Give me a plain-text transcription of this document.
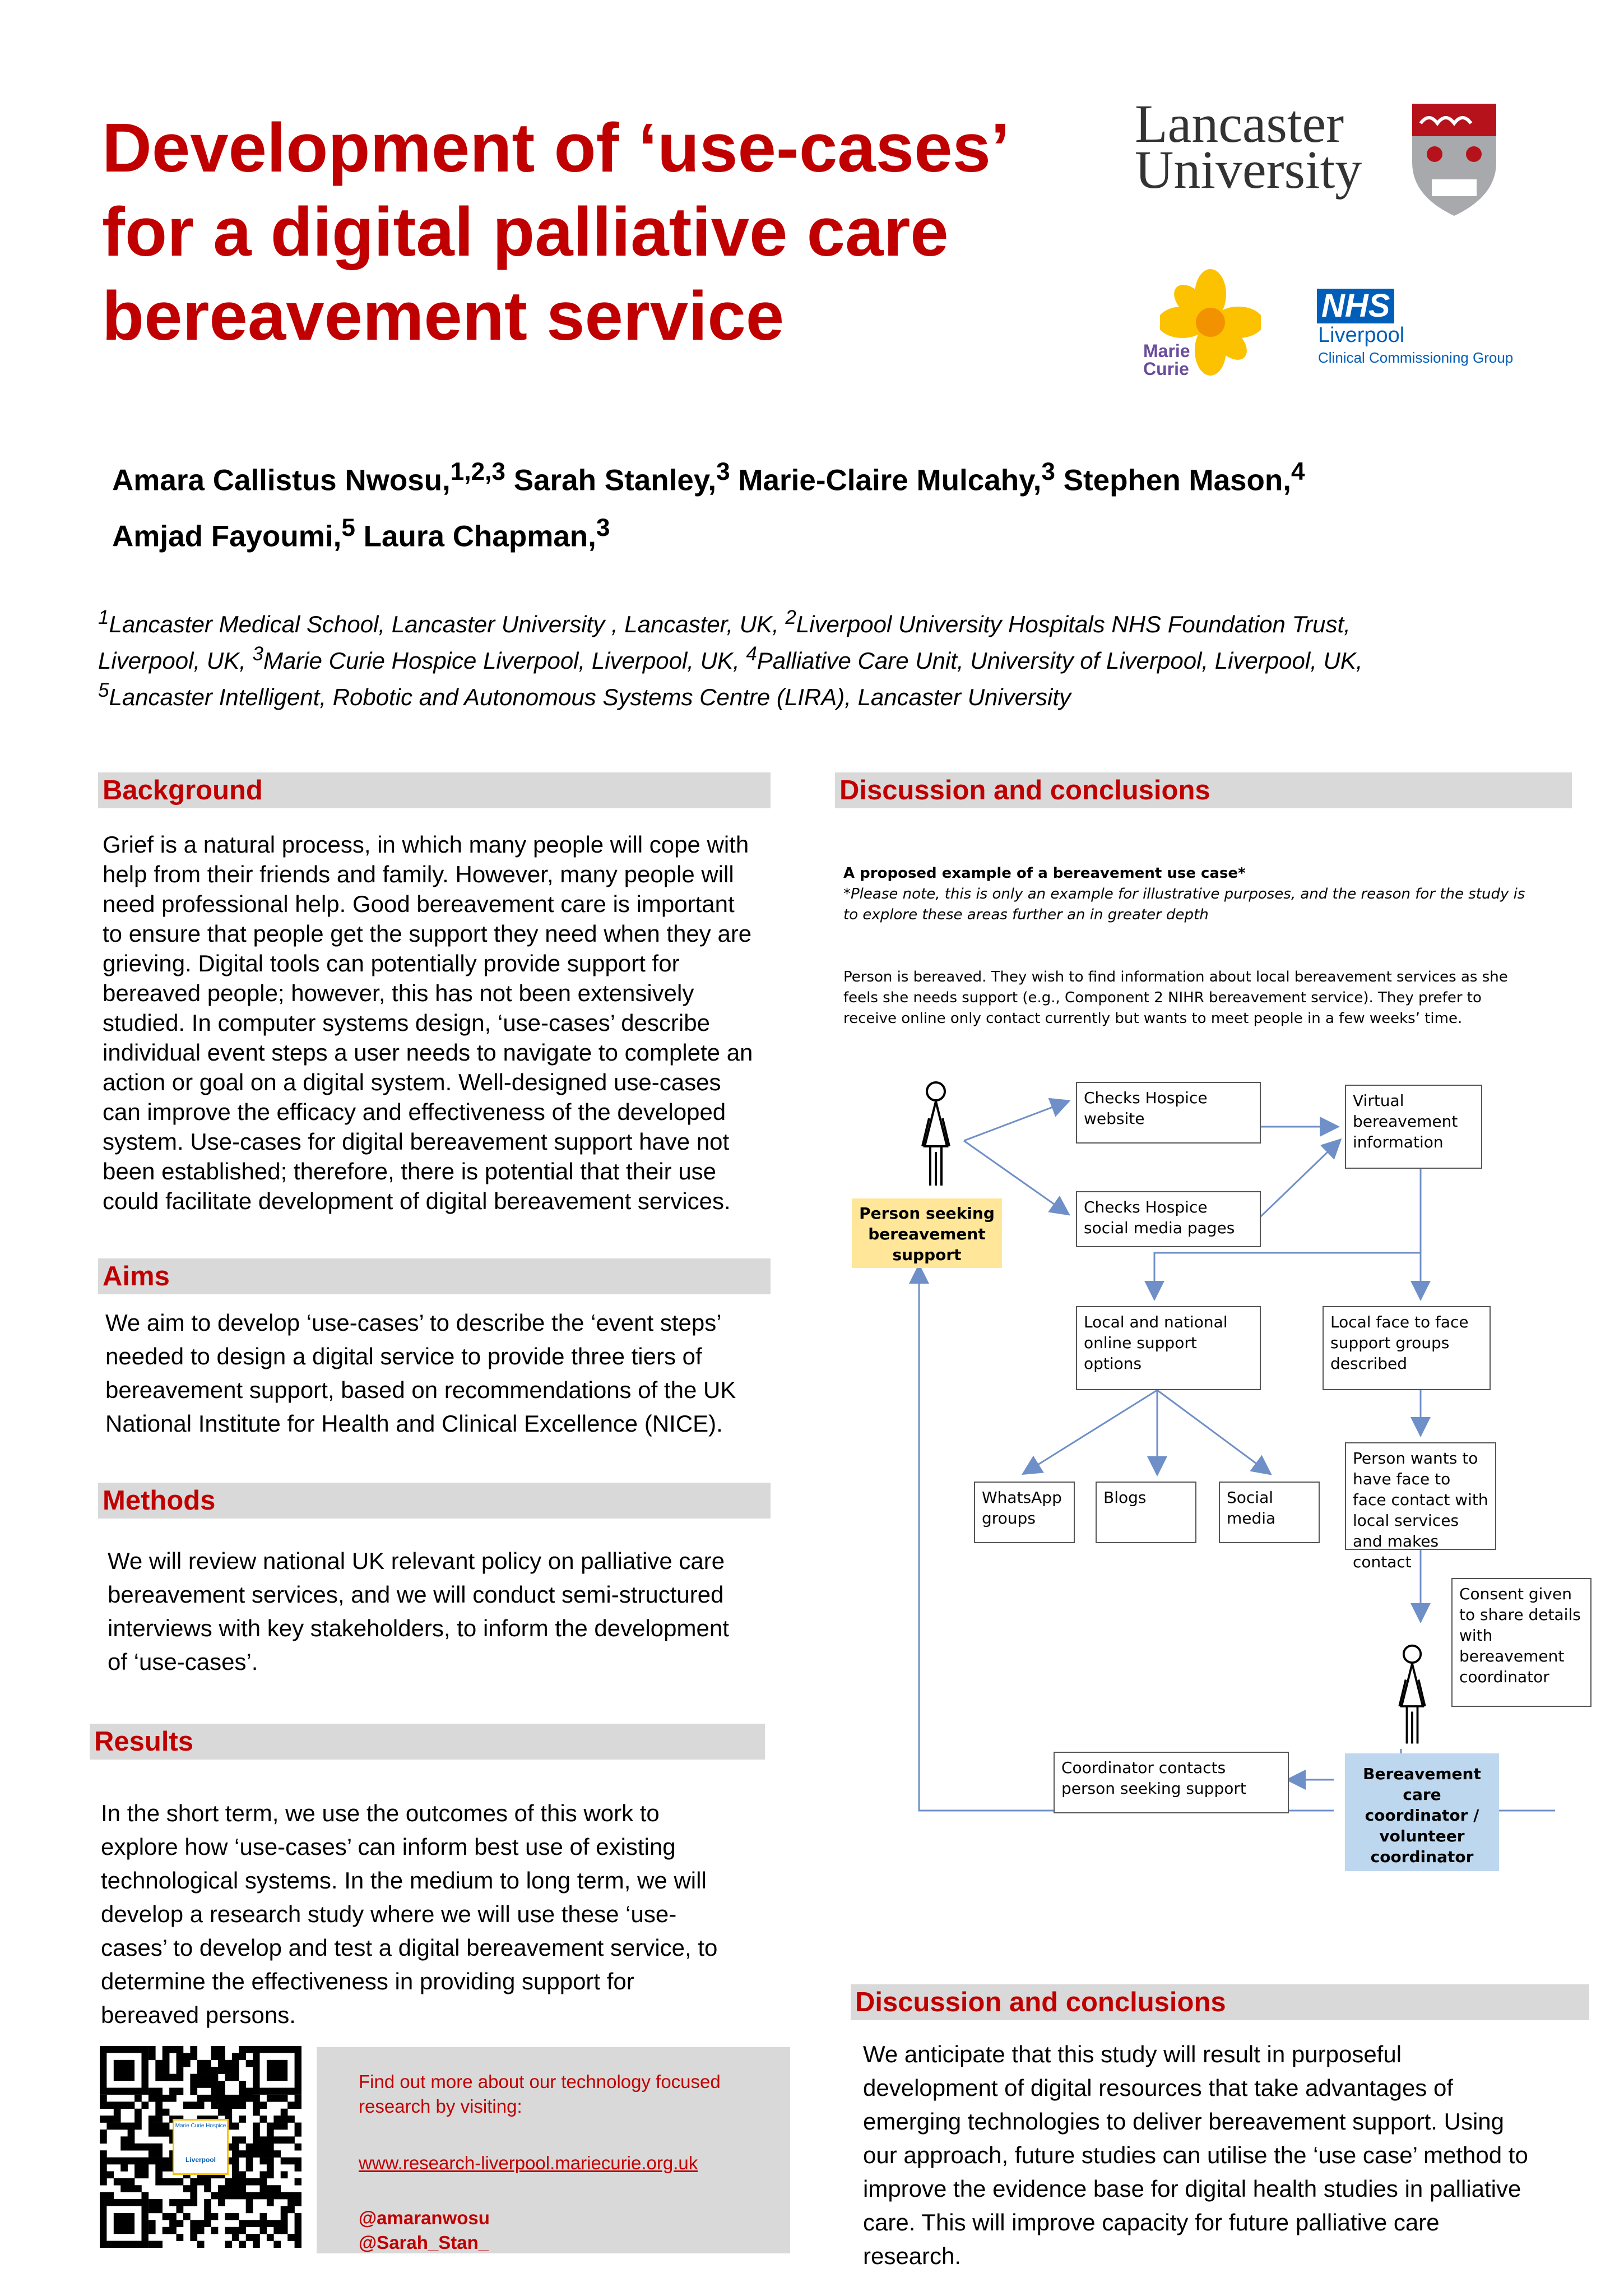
Development of ‘use-cases’
for a digital palliative care
bereavement service
Lancaster
University
Marie
Curie
NHS
Liverpool
Clinical Commissioning Group
Amara Callistus Nwosu,$^{1,2,3}$ Sarah Stanley,$^3$ Marie-Claire Mulcahy,$^3$ Stephen Mason,$^4$
Amjad Fayoumi,$^5$ Laura Chapman,$^3$
$^1$Lancaster Medical School, Lancaster University , Lancaster, UK, $^2$Liverpool University Hospitals NHS Foundation Trust,
Liverpool, UK, $^3$Marie Curie Hospice Liverpool, Liverpool, UK, $^4$Palliative Care Unit, University of Liverpool, Liverpool, UK,
$^5$Lancaster Intelligent, Robotic and Autonomous Systems Centre (LIRA), Lancaster University
Background
Grief is a natural process, in which many people will cope with
help from their friends and family. However, many people will
need professional help. Good bereavement care is important
to ensure that people get the support they need when they are
grieving. Digital tools can potentially provide support for
bereaved people; however, this has not been extensively
studied. In computer systems design, ‘use-cases’ describe
individual event steps a user needs to navigate to complete an
action or goal on a digital system. Well-designed use-cases
can improve the efficacy and effectiveness of the developed
system. Use-cases for digital bereavement support have not
been established; therefore, there is potential that their use
could facilitate development of digital bereavement services.
Aims
We aim to develop ‘use-cases’ to describe the ‘event steps’
needed to design a digital service to provide three tiers of
bereavement support, based on recommendations of the UK
National Institute for Health and Clinical Excellence (NICE).
Methods
We will review national UK relevant policy on palliative care
bereavement services, and we will conduct semi-structured
interviews with key stakeholders, to inform the development
of ‘use-cases’.
Results
In the short term, we use the outcomes of this work to
explore how ‘use-cases’ can inform best use of existing
technological systems. In the medium to long term, we will
develop a research study where we will use these ‘use-
cases’ to develop and test a digital bereavement service, to
determine the effectiveness in providing support for
bereaved persons.
Marie Curie Hospice
Liverpool
Find out more about our technology focused
research by visiting:
www.research-liverpool.mariecurie.org.uk
@amaranwosu
@Sarah_Stan_
Discussion and conclusions
A proposed example of a bereavement use case*
*Please note, this is only an example for illustrative purposes, and the reason for the study is
to explore these areas further an in greater depth
Person is bereaved. They wish to find information about local bereavement services as she
feels she needs support (e.g., Component 2 NIHR bereavement service). They prefer to
receive online only contact currently but wants to meet people in a few weeks’ time.
Person seeking bereavement support
Checks Hospice website
Checks Hospice social media pages
Virtual bereavement information
Local and national online support options
Local face to face support groups described
WhatsApp groups
Blogs	Social media
Person wants to have face to face contact with local services and makes contact
Consent given to share details with bereavement coordinator
Coordinator contacts person seeking support
Bereavement care coordinator / volunteer coordinator
Discussion and conclusions
We anticipate that this study will result in purposeful
development of digital resources that take advantages of
emerging technologies to deliver bereavement support. Using
our approach, future studies can utilise the ‘use case’ method to
improve the evidence base for digital health studies in palliative
care. This will improve capacity for future palliative care
research.
